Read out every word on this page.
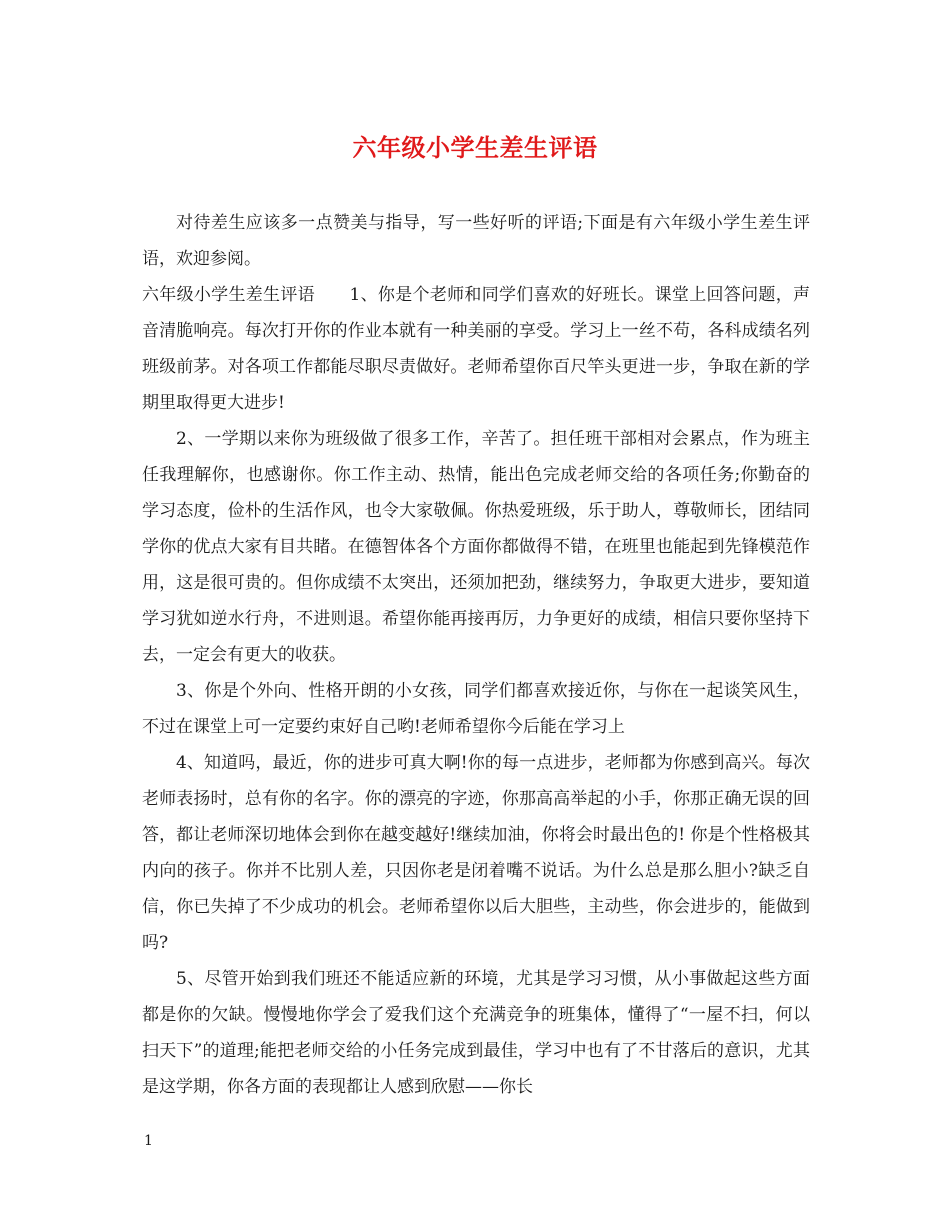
六年级小学生差生评语

对待差生应该多一点赞美与指导，写一些好听的评语;下面是有六年级小学生差生评语，欢迎参阅。

六年级小学生差生评语　　1、你是个老师和同学们喜欢的好班长。课堂上回答问题，声音清脆响亮。每次打开你的作业本就有一种美丽的享受。学习上一丝不苟，各科成绩名列班级前茅。对各项工作都能尽职尽责做好。老师希望你百尺竿头更进一步，争取在新的学期里取得更大进步!

2、一学期以来你为班级做了很多工作，辛苦了。担任班干部相对会累点，作为班主任我理解你，也感谢你。你工作主动、热情，能出色完成老师交给的各项任务;你勤奋的学习态度，俭朴的生活作风，也令大家敬佩。你热爱班级，乐于助人，尊敬师长，团结同学你的优点大家有目共睹。在德智体各个方面你都做得不错，在班里也能起到先锋模范作用，这是很可贵的。但你成绩不太突出，还须加把劲，继续努力，争取更大进步，要知道学习犹如逆水行舟，不进则退。希望你能再接再厉，力争更好的成绩，相信只要你坚持下去，一定会有更大的收获。

3、你是个外向、性格开朗的小女孩，同学们都喜欢接近你，与你在一起谈笑风生，不过在课堂上可一定要约束好自己哟!老师希望你今后能在学习上

4、知道吗，最近，你的进步可真大啊!你的每一点进步，老师都为你感到高兴。每次老师表扬时，总有你的名字。你的漂亮的字迹，你那高高举起的小手，你那正确无误的回答，都让老师深切地体会到你在越变越好!继续加油，你将会时最出色的! 你是个性格极其内向的孩子。你并不比别人差，只因你老是闭着嘴不说话。为什么总是那么胆小?缺乏自信，你已失掉了不少成功的机会。老师希望你以后大胆些，主动些，你会进步的，能做到吗?

5、尽管开始到我们班还不能适应新的环境，尤其是学习习惯，从小事做起这些方面都是你的欠缺。慢慢地你学会了爱我们这个充满竞争的班集体，懂得了“一屋不扫，何以扫天下”的道理;能把老师交给的小任务完成到最佳，学习中也有了不甘落后的意识，尤其是这学期，你各方面的表现都让人感到欣慰——你长

1
